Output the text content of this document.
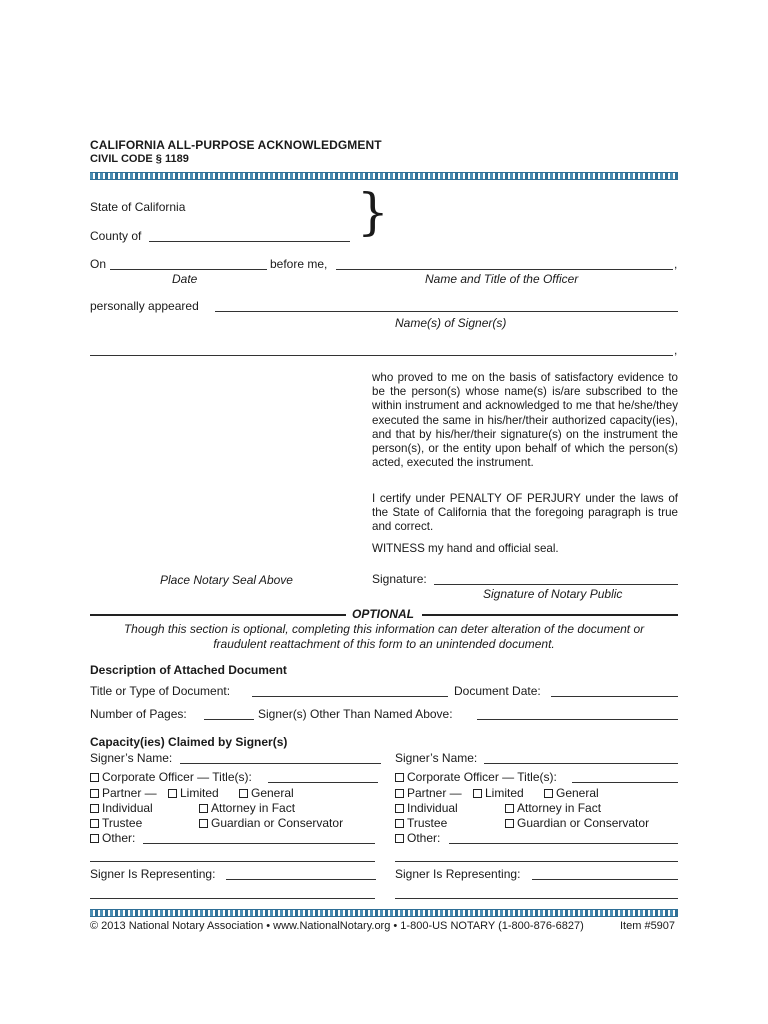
CALIFORNIA ALL-PURPOSE ACKNOWLEDGMENT
CIVIL CODE § 1189
State of California
County of	}
On	before me,	,
Date	Name and Title of the Officer
personally appeared
Name(s) of Signer(s)
,
who proved to me on the basis of satisfactory evidence to be the person(s) whose name(s) is/are subscribed to the within instrument and acknowledged to me that he/she/they executed the same in his/her/their authorized capacity(ies), and that by his/her/their signature(s) on the instrument the person(s), or the entity upon behalf of which the person(s) acted, executed the instrument.
I certify under PENALTY OF PERJURY under the laws of the State of California that the foregoing paragraph is true and correct.
WITNESS my hand and official seal.
Place Notary Seal Above	Signature:
Signature of Notary Public
OPTIONAL
Though this section is optional, completing this information can deter alteration of the document or
fraudulent reattachment of this form to an unintended document.
Description of Attached Document
Title or Type of Document:	Document Date:
Number of Pages:	Signer(s) Other Than Named Above:
Capacity(ies) Claimed by Signer(s)
Signer’s Name:
Corporate Officer — Title(s):
Partner —	Limited	General
Individual	Attorney in Fact
Trustee	Guardian or Conservator
Other:
Signer Is Representing:
Signer’s Name:
Corporate Officer — Title(s):
Partner —	Limited	General
Individual	Attorney in Fact
Trustee	Guardian or Conservator
Other:
Signer Is Representing:
© 2013 National Notary Association • www.NationalNotary.org • 1-800-US NOTARY (1-800-876-6827)	Item #5907
